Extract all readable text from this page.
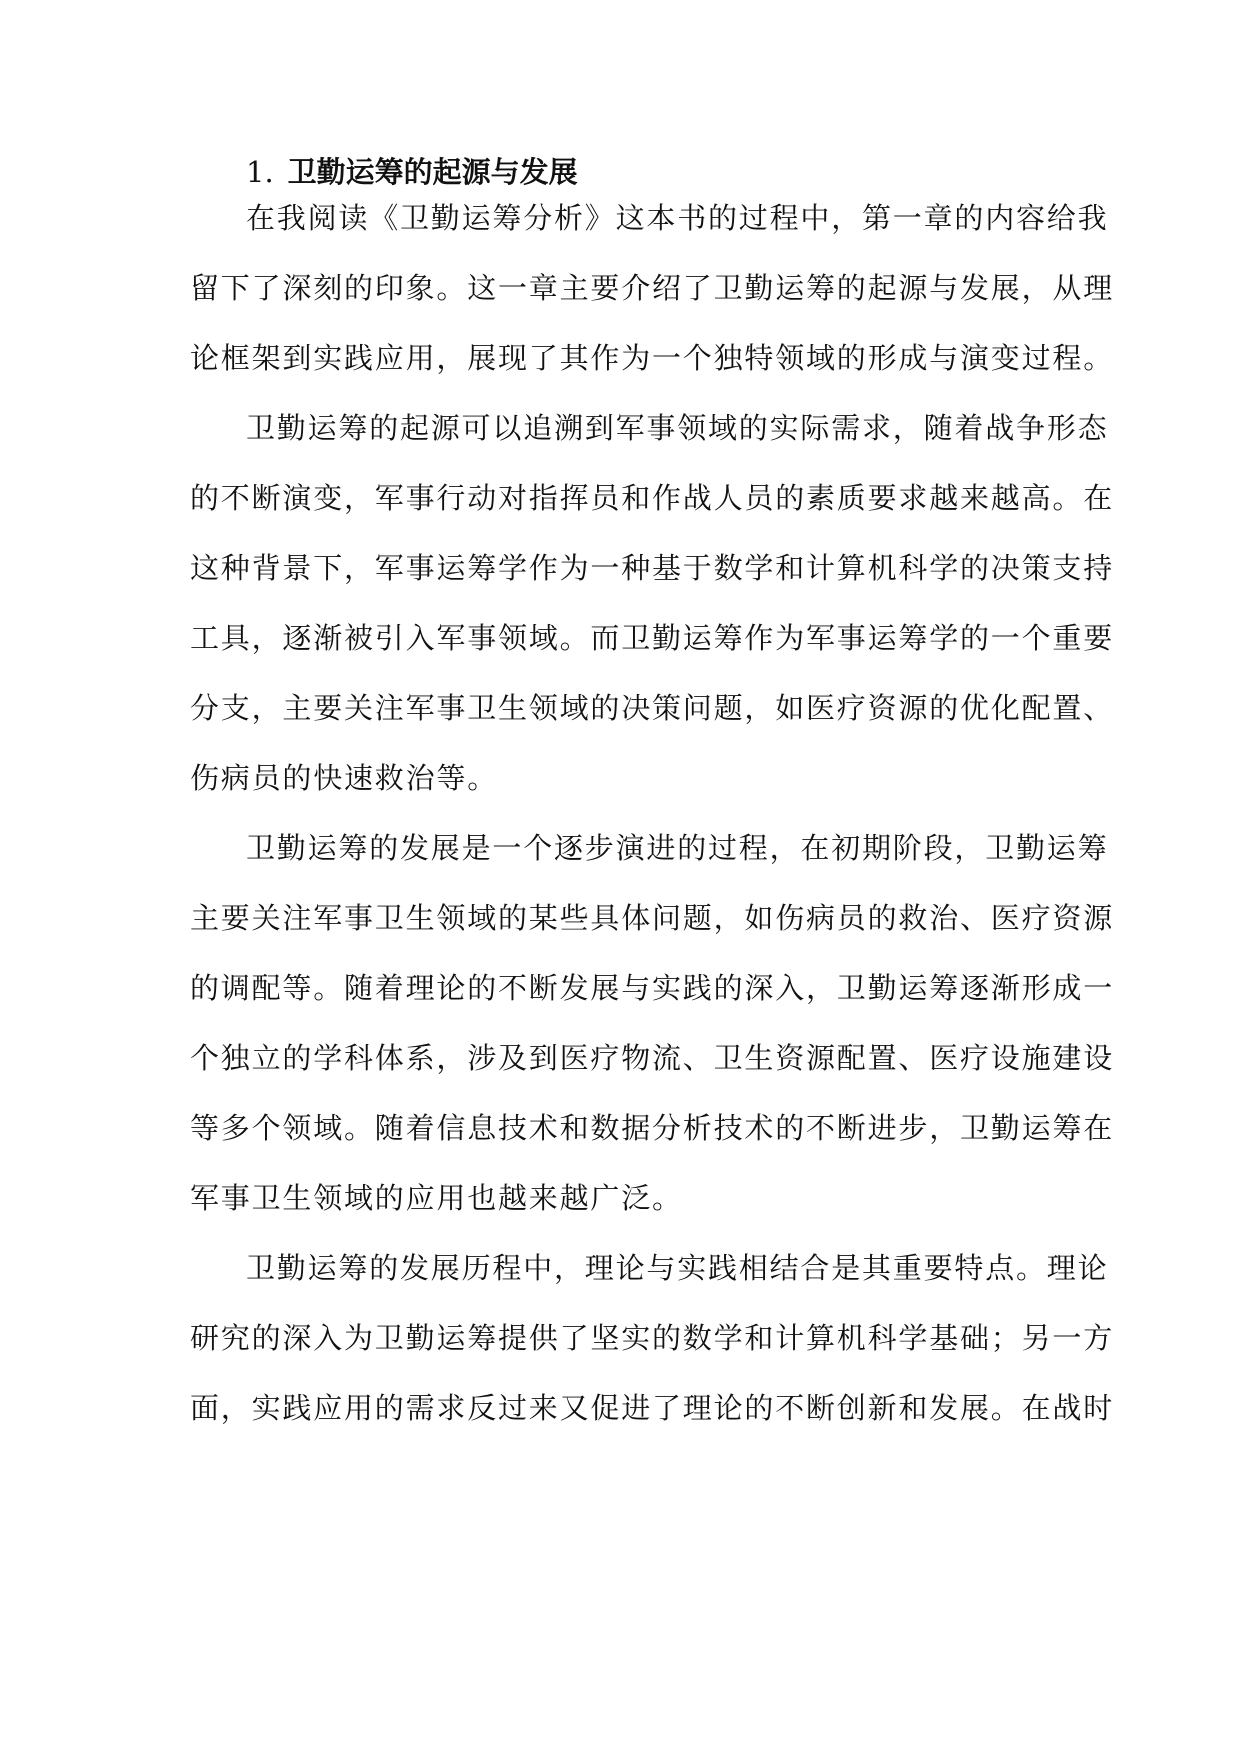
1. 卫勤运筹的起源与发展
在我阅读《卫勤运筹分析》这本书的过程中，第一章的内容给我
留下了深刻的印象。这一章主要介绍了卫勤运筹的起源与发展，从理
论框架到实践应用，展现了其作为一个独特领域的形成与演变过程。
卫勤运筹的起源可以追溯到军事领域的实际需求，随着战争形态
的不断演变，军事行动对指挥员和作战人员的素质要求越来越高。在
这种背景下，军事运筹学作为一种基于数学和计算机科学的决策支持
工具，逐渐被引入军事领域。而卫勤运筹作为军事运筹学的一个重要
分支，主要关注军事卫生领域的决策问题，如医疗资源的优化配置、
伤病员的快速救治等。
卫勤运筹的发展是一个逐步演进的过程，在初期阶段，卫勤运筹
主要关注军事卫生领域的某些具体问题，如伤病员的救治、医疗资源
的调配等。随着理论的不断发展与实践的深入，卫勤运筹逐渐形成一
个独立的学科体系，涉及到医疗物流、卫生资源配置、医疗设施建设
等多个领域。随着信息技术和数据分析技术的不断进步，卫勤运筹在
军事卫生领域的应用也越来越广泛。
卫勤运筹的发展历程中，理论与实践相结合是其重要特点。理论
研究的深入为卫勤运筹提供了坚实的数学和计算机科学基础；另一方
面，实践应用的需求反过来又促进了理论的不断创新和发展。在战时
